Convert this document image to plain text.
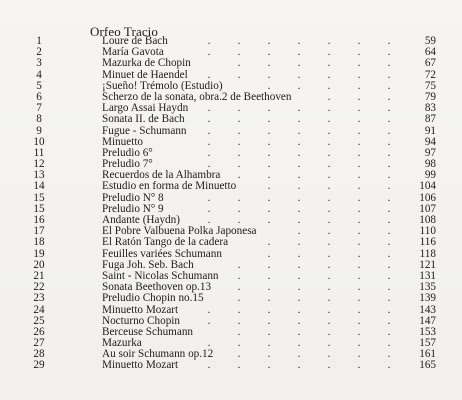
Orfeo Tracio
1	Loure de Bach	. . . . . . .	59
2	María Gavota	. . . . . . .	64
3	Mazurka de Chopin	. . . . . .	67
4	Minuet de Haendel	. . . . . . .	72
5	¡Sueño! Trémolo (Estudio)	. . . . .	75
6	Scherzo de la sonata, obra.2 de Beethoven	. . .	79
7	Largo Assai Haydn	. . . . . . .	83
8	Sonata II. de Bach	. . . . . . .	87
9	Fugue - Schumann	. . . . . . .	91
10	Minuetto	. . . . . . .	94
11	Preludio 6°	. . . . . . .	97
12	Preludio 7°	. . . . . . .	98
13	Recuerdos de la Alhambra	. . . . . .	99
14	Estudio en forma de Minuetto	. . . . .	104
15	Preludio N° 8	. . . . . . .	106
15	Preludio N° 9	. . . . . . .	107
16	Andante (Haydn)	. . . . . . .	108
17	El Pobre Valbuena Polka Japonesa	. . . .	110
18	El Ratón Tango de la cadera	. . . . .	116
19	Feuilles variées Schumann	. . . . .	118
20	Fuga Joh. Seb. Bach	. . . . . .	121
21	Saint - Nicolas Schumann	. . . . . .	131
22	Sonata Beethoven op.13	. . . . . .	135
23	Preludio Chopin no.15	. . . . . .	139
24	Minuetto Mozart	. . . . . . .	143
25	Nocturno Chopin	. . . . . . .	147
26	Berceuse Schumann	. . . . . .	153
27	Mazurka	. . . . . . .	157
28	Au soir Schumann op.12	. . . . . .	161
29	Minuetto Mozart	. . . . . . .	165
